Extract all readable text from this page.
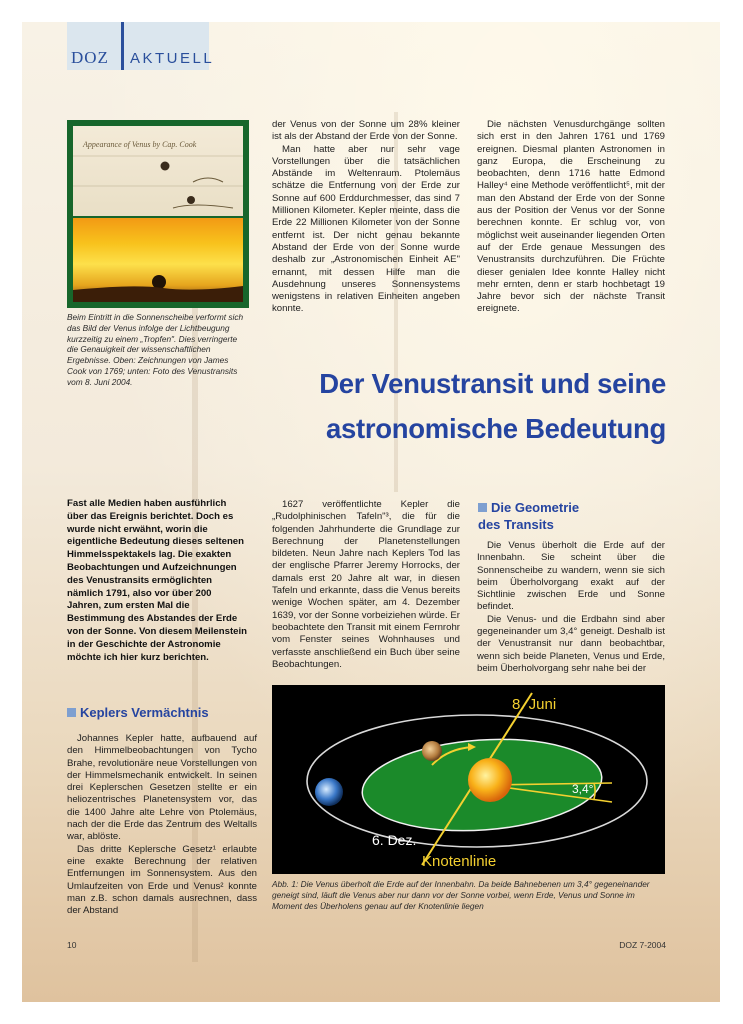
DOZ AKTUELL
Appearance of Venus by Cap. Cook
Beim Eintritt in die Sonnenscheibe verformt sich das Bild der Venus infolge der Lichtbeugung kurzzeitig zu einem „Tropfen". Dies verringerte die Genauigkeit der wissenschaftlichen Ergebnisse. Oben: Zeichnungen von James Cook von 1769; unten: Foto des Venustransits vom 8. Juni 2004.

der Venus von der Sonne um 28% kleiner ist als der Abstand der Erde von der Sonne.

Man hatte aber nur sehr vage Vorstellungen über die tatsächlichen Abstände im Weltenraum. Ptolemäus schätze die Entfernung von der Erde zur Sonne auf 600 Erddurchmesser, das sind 7 Millionen Kilometer. Kepler meinte, dass die Erde 22 Millionen Kilometer von der Sonne entfernt ist. Der nicht genau bekannte Abstand der Erde von der Sonne wurde deshalb zur „Astronomischen Einheit AE" ernannt, mit dessen Hilfe man die Ausdehnung unseres Sonnensystems wenigstens in relativen Einheiten angeben konnte.

Die nächsten Venusdurchgänge sollten sich erst in den Jahren 1761 und 1769 ereignen. Diesmal planten Astronomen in ganz Europa, die Erscheinung zu beobachten, denn 1716 hatte Edmond Halley⁴ eine Methode veröffentlicht⁵, mit der man den Abstand der Erde von der Sonne aus der Position der Venus vor der Sonne berechnen konnte. Er schlug vor, von möglichst weit auseinander liegenden Orten auf der Erde genaue Messungen des Venustransits durchzuführen. Die Früchte dieser genialen Idee konnte Halley nicht mehr ernten, denn er starb hochbetagt 19 Jahre bevor sich der nächste Transit ereignete.

Der Venustransit und seine
astronomische Bedeutung
Fast alle Medien haben ausführlich über das Ereignis berichtet. Doch es wurde nicht erwähnt, worin die eigentliche Bedeutung dieses seltenen Himmelsspektakels lag. Die exakten Beobachtungen und Aufzeichnungen des Venustransits ermöglichten nämlich 1791, also vor über 200 Jahren, zum ersten Mal die Bestimmung des Abstandes der Erde von der Sonne. Von diesem Meilenstein in der Geschichte der Astronomie möchte ich hier kurz berichten.
Keplers Vermächtnis

Johannes Kepler hatte, aufbauend auf den Himmelbeobachtungen von Tycho Brahe, revolutionäre neue Vorstellungen von der Himmelsmechanik entwickelt. In seinen drei Keplerschen Gesetzen stellte er ein heliozentrisches Planetensystem vor, das die 1400 Jahre alte Lehre von Ptolemäus, nach der die Erde das Zentrum des Weltalls war, ablöste.

Das dritte Keplersche Gesetz¹ erlaubte eine exakte Berechnung der relativen Entfernungen im Sonnensystem. Aus den Umlaufzeiten von Erde und Venus² konnte man z.B. schon damals ausrechnen, dass der Abstand

1627 veröffentlichte Kepler die „Rudolphinischen Tafeln"³, die für die folgenden Jahrhunderte die Grundlage zur Berechnung der Planetenstellungen bildeten. Neun Jahre nach Keplers Tod las der englische Pfarrer Jeremy Horrocks, der damals erst 20 Jahre alt war, in diesen Tafeln und erkannte, dass die Venus bereits wenige Wochen später, am 4. Dezember 1639, vor der Sonne vorbeiziehen würde. Er beobachtete den Transit mit einem Fernrohr vom Fenster seines Wohnhauses und verfasste anschließend ein Buch über seine Beobachtungen.

Die Geometrie
des Transits

Die Venus überholt die Erde auf der Innenbahn. Sie scheint über die Sonnenscheibe zu wandern, wenn sie sich beim Überholvorgang exakt auf der Sichtlinie zwischen Erde und Sonne befindet.

Die Venus- und die Erdbahn sind aber gegeneinander um 3,4° geneigt. Deshalb ist der Venustransit nur dann beobachtbar, wenn sich beide Planeten, Venus und Erde, beim Überholvorgang sehr nahe bei der

8. Juni
3,4°
6. Dez.
Knotenlinie
Abb. 1: Die Venus überholt die Erde auf der Innenbahn. Da beide Bahnebenen um 3,4° gegeneinander geneigt sind, läuft die Venus aber nur dann vor der Sonne vorbei, wenn Erde, Venus und Sonne im Moment des Überholens genau auf der Knotenlinie liegen
10	DOZ 7-2004
